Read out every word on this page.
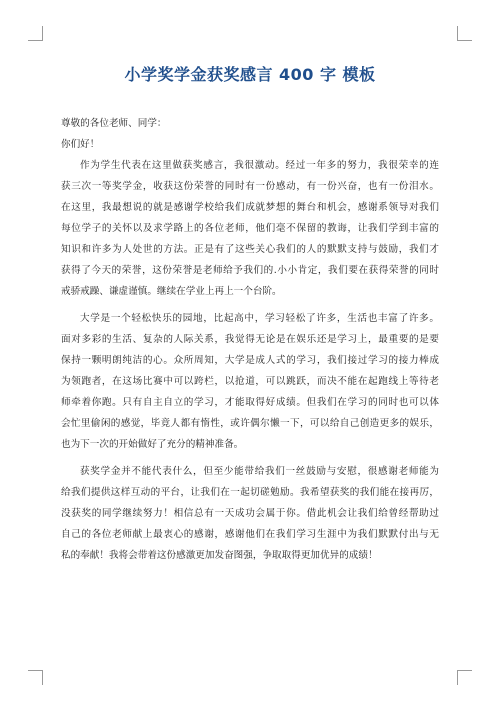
小学奖学金获奖感言 400 字 模板
尊敬的各位老师、同学：
你们好！
作为学生代表在这里做获奖感言，我很激动。经过一年多的努力，我很荣幸的连
获三次一等奖学金，收获这份荣誉的同时有一份感动，有一份兴奋，也有一份泪水。
在这里，我最想说的就是感谢学校给我们成就梦想的舞台和机会，感谢系领导对我们
每位学子的关怀以及求学路上的各位老师，他们毫不保留的教诲，让我们学到丰富的
知识和许多为人处世的方法。正是有了这些关心我们的人的默默支持与鼓励，我们才
获得了今天的荣誉，这份荣誉是老师给予我们的.小小肯定，我们要在获得荣誉的同时
戒骄戒躁、谦虚谨慎。继续在学业上再上一个台阶。
大学是一个轻松快乐的园地，比起高中，学习轻松了许多，生活也丰富了许多。
面对多彩的生活、复杂的人际关系，我觉得无论是在娱乐还是学习上，最重要的是要
保持一颗明朗纯洁的心。众所周知，大学是成人式的学习，我们接过学习的接力棒成
为领跑者，在这场比赛中可以跨栏，以抢道，可以跳跃，而决不能在起跑线上等待老
师牵着你跑。只有自主自立的学习，才能取得好成绩。但我们在学习的同时也可以体
会忙里偷闲的感觉，毕竟人都有惰性，或许偶尔懒一下，可以给自己创造更多的娱乐，
也为下一次的开始做好了充分的精神准备。
获奖学金并不能代表什么，但至少能带给我们一丝鼓励与安慰，很感谢老师能为
给我们提供这样互动的平台，让我们在一起切磋勉励。我希望获奖的我们能在接再厉，
没获奖的同学继续努力！相信总有一天成功会属于你。借此机会让我们给曾经帮助过
自己的各位老师献上最衷心的感谢，感谢他们在我们学习生涯中为我们默默付出与无
私的奉献！我将会带着这份感激更加发奋图强，争取取得更加优异的成绩！
